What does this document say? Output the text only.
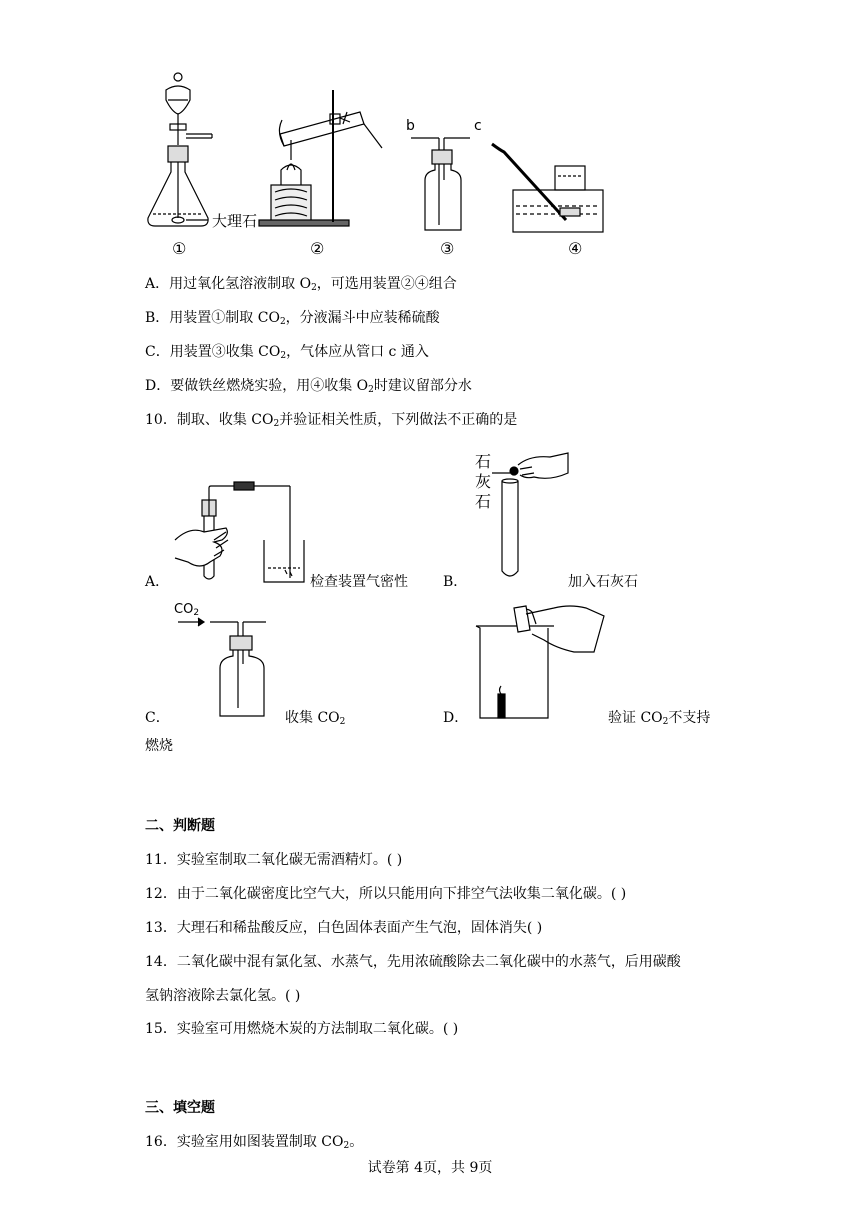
大理石
b	c
①	②	③	④
A．用过氧化氢溶液制取 $O_2$，可选用装置②④组合
B．用装置①制取 $CO_2$，分液漏斗中应装稀硫酸
C．用装置③收集 $CO_2$，气体应从管口 c 通入
D．要做铁丝燃烧实验，用④收集 $O_2$时建议留部分水
10．制取、收集 $CO_2$并验证相关性质，下列做法不正确的是
A．	检查装置气密性
石
灰
石
B．	加入石灰石
$CO_2$
C．	收集 $CO_2$	D．	验证 $CO_2$不支持
燃烧
二、判断题
11．实验室制取二氧化碳无需酒精灯。( )
12．由于二氧化碳密度比空气大，所以只能用向下排空气法收集二氧化碳。( )
13．大理石和稀盐酸反应，白色固体表面产生气泡，固体消失( )
14．二氧化碳中混有氯化氢、水蒸气，先用浓硫酸除去二氧化碳中的水蒸气，后用碳酸
氢钠溶液除去氯化氢。( )
15．实验室可用燃烧木炭的方法制取二氧化碳。( )
三、填空题
16．实验室用如图装置制取 $CO_2$。
试卷第 4页，共 9页
